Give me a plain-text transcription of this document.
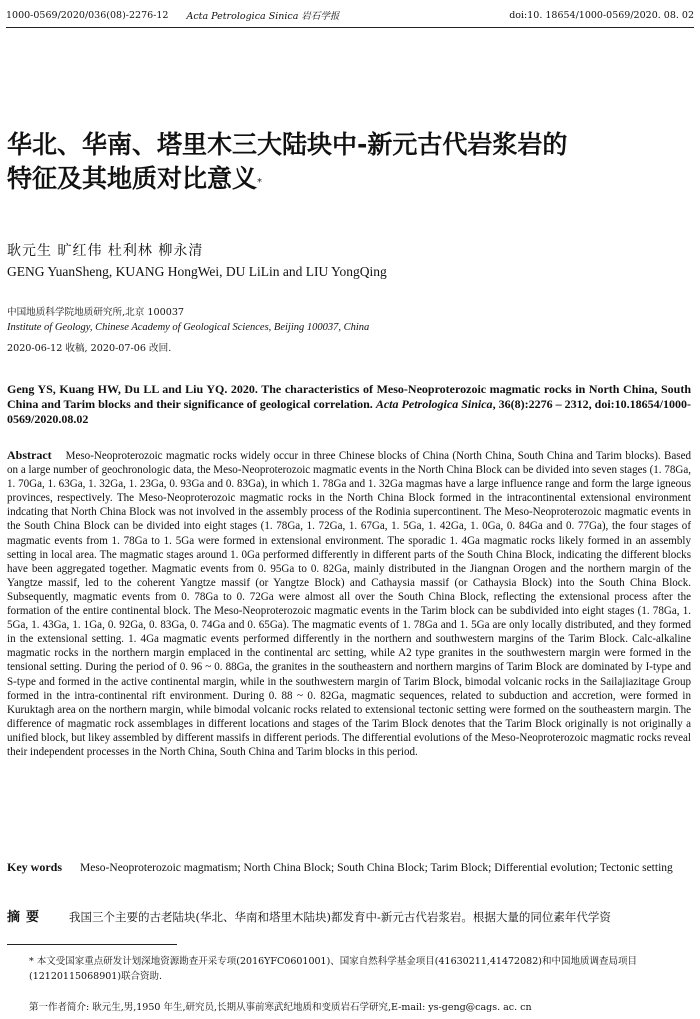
1000-0569/2020/036(08)-2276-12 Acta Petrologica Sinica 岩石学报	doi:10. 18654/1000-0569/2020. 08. 02
华北、华南、塔里木三大陆块中-新元古代岩浆岩的
特征及其地质对比意义*
耿元生 旷红伟 杜利林 柳永清
GENG YuanSheng, KUANG HongWei, DU LiLin and LIU YongQing
中国地质科学院地质研究所,北京 100037
Institute of Geology, Chinese Academy of Geological Sciences, Beijing 100037, China
2020-06-12 收稿, 2020-07-06 改回.
Geng YS, Kuang HW, Du LL and Liu YQ. 2020. The characteristics of Meso-Neoproterozoic magmatic rocks in North China, South China and Tarim blocks and their significance of geological correlation. Acta Petrologica Sinica, 36(8):2276 – 2312, doi:10.18654/1000-0569/2020.08.02
Abstract Meso-Neoproterozoic magmatic rocks widely occur in three Chinese blocks of China (North China, South China and Tarim blocks). Based on a large number of geochronologic data, the Meso-Neoproterozoic magmatic events in the North China Block can be divided into seven stages (1. 78Ga, 1. 70Ga, 1. 63Ga, 1. 32Ga, 1. 23Ga, 0. 93Ga and 0. 83Ga), in which 1. 78Ga and 1. 32Ga magmas have a large influence range and form the large igneous provinces, respectively. The Meso-Neoproterozoic magmatic rocks in the North China Block formed in the intracontinental extensional environment indcating that North China Block was not involved in the assembly process of the Rodinia supercontinent. The Meso-Neoproterozoic magmatic events in the South China Block can be divided into eight stages (1. 78Ga, 1. 72Ga, 1. 67Ga, 1. 5Ga, 1. 42Ga, 1. 0Ga, 0. 84Ga and 0. 77Ga), the four stages of magmatic events from 1. 78Ga to 1. 5Ga were formed in extensional environment. The sporadic 1. 4Ga magmatic rocks likely formed in an assembly setting in local area. The magmatic stages around 1. 0Ga performed differently in different parts of the South China Block, indicating the different blocks have been aggregated together. Magmatic events from 0. 95Ga to 0. 82Ga, mainly distributed in the Jiangnan Orogen and the northern margin of the Yangtze massif, led to the coherent Yangtze massif (or Yangtze Block) and Cathaysia massif (or Cathaysia Block) into the South China Block. Subsequently, magmatic events from 0. 78Ga to 0. 72Ga were almost all over the South China Block, reflecting the extensional process after the formation of the entire continental block. The Meso-Neoproterozoic magmatic events in the Tarim block can be subdivided into eight stages (1. 78Ga, 1. 5Ga, 1. 43Ga, 1. 1Ga, 0. 92Ga, 0. 83Ga, 0. 74Ga and 0. 65Ga). The magmatic events of 1. 78Ga and 1. 5Ga are only locally distributed, and they formed in the extensional setting. 1. 4Ga magmatic events performed differently in the northern and southwestern margins of the Tarim Block. Calc-alkaline magmatic rocks in the northern margin emplaced in the continental arc setting, while A2 type granites in the southwestern margin were formed in the tensional setting. During the period of 0. 96 ~ 0. 88Ga, the granites in the southeastern and northern margins of Tarim Block are dominated by I-type and S-type and formed in the active continental margin, while in the southwestern margin of Tarim Block, bimodal volcanic rocks in the Sailajiazitage Group formed in the intra-continental rift environment. During 0. 88 ~ 0. 82Ga, magmatic sequences, related to subduction and accretion, were formed in Kuruktagh area on the northern margin, while bimodal volcanic rocks related to extensional tectonic setting were formed on the southeastern margin. The difference of magmatic rock assemblages in different locations and stages of the Tarim Block denotes that the Tarim Block originally is not originally a unified block, but likey assembled by different massifs in different periods. The differential evolutions of the Meso-Neoproterozoic magmatic rocks reveal their independent processes in the North China, South China and Tarim blocks in this period.
Key words Meso-Neoproterozoic magmatism; North China Block; South China Block; Tarim Block; Differential evolution; Tectonic setting
摘要 我国三个主要的古老陆块(华北、华南和塔里木陆块)都发育中-新元古代岩浆岩。根据大量的同位素年代学资
* 本文受国家重点研发计划深地资源勘查开采专项(2016YFC0601001)、国家自然科学基金项目(41630211,41472082)和中国地质调查局项目(121201150689​01)联合资助.
第一作者简介: 耿元生,男,1950 年生,研究员,长期从事前寒武纪地质和变质岩石学研究,E-mail: ys-geng@cags. ac. cn
